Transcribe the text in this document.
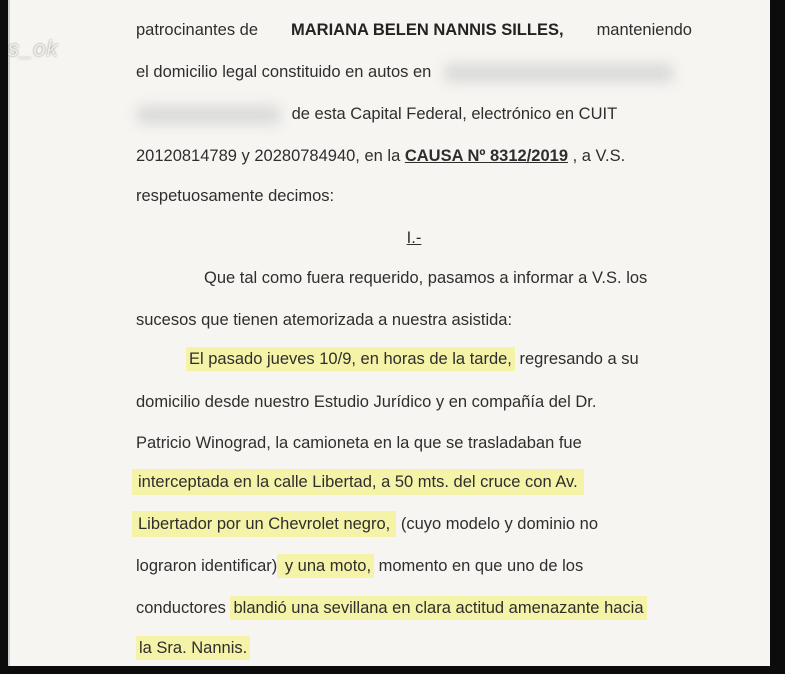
s_ok
patrocinantes de MARIANA BELEN NANNIS SILLES, manteniendo
el domicilio legal constituido en autos en
de esta Capital Federal, electrónico en CUIT
20120814789 y 20280784940, en la CAUSA Nº 8312/2019 , a V.S.
respetuosamente decimos:
I.-
Que tal como fuera requerido, pasamos a informar a V.S. los
sucesos que tienen atemorizada a nuestra asistida:
El pasado jueves 10/9, en horas de la tarde, regresando a su
domicilio desde nuestro Estudio Jurídico y en compañía del Dr.
Patricio Winograd, la camioneta en la que se trasladaban fue
interceptada en la calle Libertad, a 50 mts. del cruce con Av.
Libertador por un Chevrolet negro, (cuyo modelo y dominio no
lograron identificar) y una moto, momento en que uno de los
conductores blandió una sevillana en clara actitud amenazante hacia
la Sra. Nannis.
